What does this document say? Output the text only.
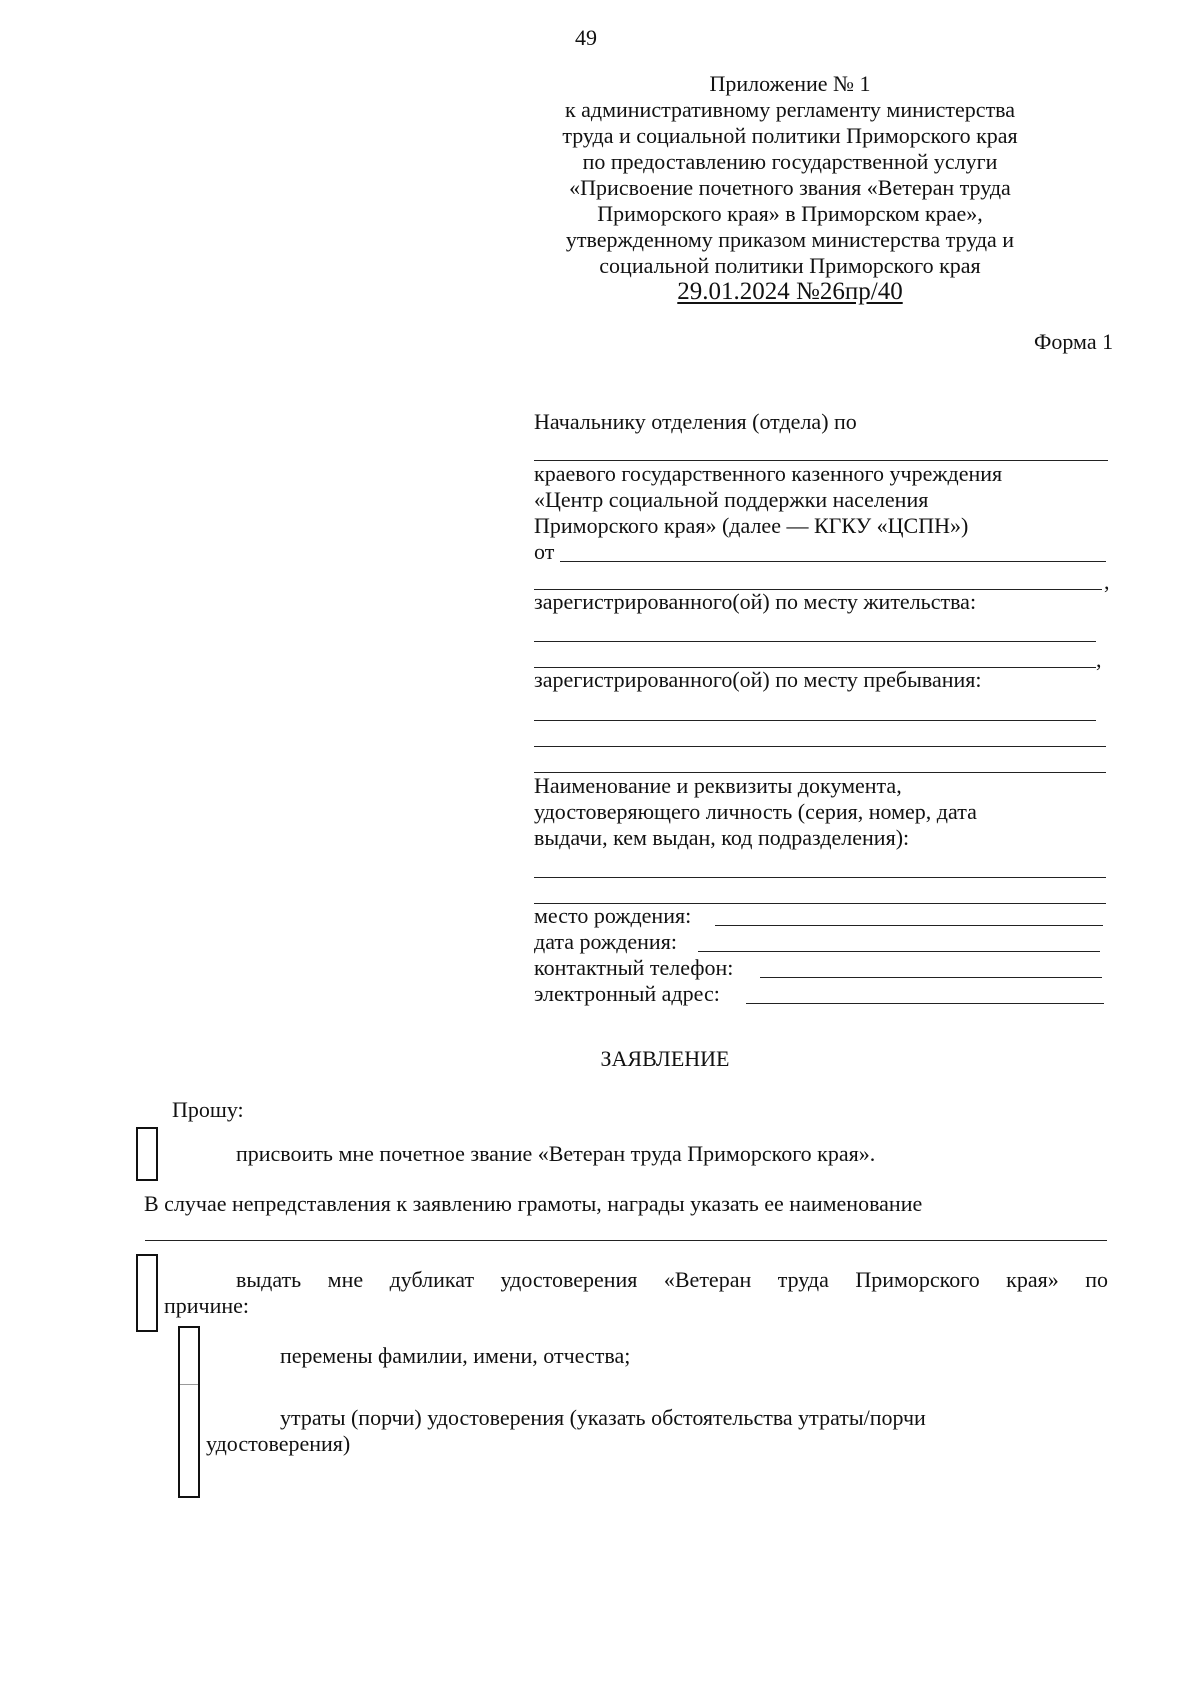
49
Приложение № 1
к административному регламенту министерства
труда и социальной политики Приморского края
по предоставлению государственной услуги
«Присвоение почетного звания «Ветеран труда
Приморского края» в Приморском крае»,
утвержденному приказом министерства труда и
социальной политики Приморского края
29.01.2024 №26пр/40
Форма 1
Начальнику отделения (отдела) по
краевого государственного казенного учреждения
«Центр социальной поддержки населения
Приморского края» (далее — КГКУ «ЦСПН»)
от
,
зарегистрированного(ой) по месту жительства:
,
зарегистрированного(ой) по месту пребывания:
Наименование и реквизиты документа,
удостоверяющего личность (серия, номер, дата
выдачи, кем выдан, код подразделения):
место рождения:
дата рождения:
контактный телефон:
электронный адрес:
ЗАЯВЛЕНИЕ
Прошу:
присвоить мне почетное звание «Ветеран труда Приморского края».
В случае непредставления к заявлению грамоты, награды указать ее наименование
выдать мне дубликат удостоверения «Ветеран труда Приморского края» по
причине:
перемены фамилии, имени, отчества;
утраты (порчи) удостоверения (указать обстоятельства утраты/порчи
удостоверения)
